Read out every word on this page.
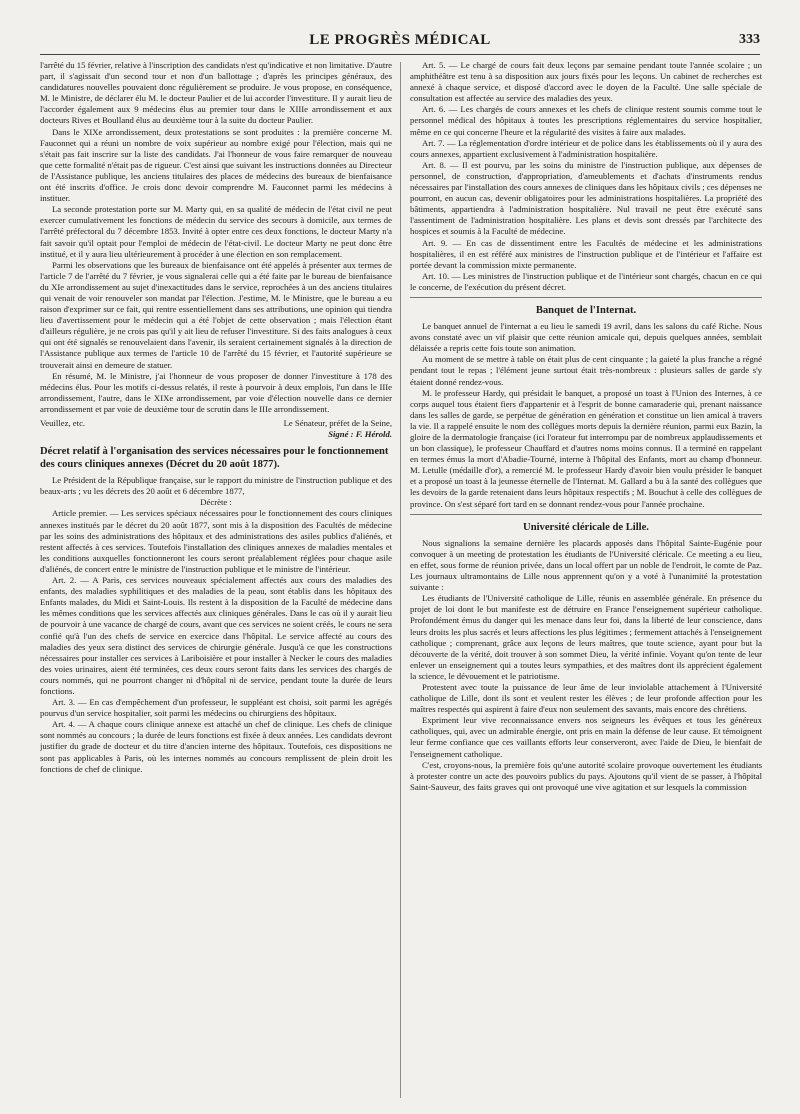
LE PROGRÈS MÉDICAL	333

l'arrêté du 15 février, relative à l'inscription des candidats n'est qu'indicative et non limitative. D'autre part, il s'agissait d'un second tour et non d'un ballottage ; d'après les principes généraux, des candidatures nouvelles pouvaient donc régulièrement se produire. Je vous propose, en conséquence, M. le Ministre, de déclarer élu M. le docteur Paulier et de lui accorder l'investiture. Il y aurait lieu de l'accorder également aux 9 médecins élus au premier tour dans le XIIIe arrondissement et aux docteurs Rives et Boulland élus au deuxième tour à la suite du docteur Paulier.

Dans le XIXe arrondissement, deux protestations se sont produites : la première concerne M. Fauconnet qui a réuni un nombre de voix supérieur au nombre exigé pour l'élection, mais qui ne s'était pas fait inscrire sur la liste des candidats. J'ai l'honneur de vous faire remarquer de nouveau que cette formalité n'était pas de rigueur. C'est ainsi que suivant les instructions données au Directeur de l'Assistance publique, les anciens titulaires des places de médecins des bureaux de bienfaisance ont été inscrits d'office. Je crois donc devoir comprendre M. Fauconnet parmi les médecins à instituer.

La seconde protestation porte sur M. Marty qui, en sa qualité de médecin de l'état civil ne peut exercer cumulativement les fonctions de médecin du service des secours à domicile, aux termes de l'arrêté préfectoral du 7 décembre 1853. Invité à opter entre ces deux fonctions, le docteur Marty n'a fait savoir qu'il optait pour l'emploi de médecin de l'état-civil. Le docteur Marty ne peut donc être institué, et il y aura lieu ultérieurement à procéder à une élection en son remplacement.

Parmi les observations que les bureaux de bienfaisance ont été appelés à présenter aux termes de l'article 7 de l'arrêté du 7 février, je vous signalerai celle qui a été faite par le bureau de bienfaisance du XIe arrondissement au sujet d'inexactitudes dans le service, reprochées à un des anciens titulaires qui venait de voir renouveler son mandat par l'élection. J'estime, M. le Ministre, que le bureau a eu raison d'exprimer sur ce fait, qui rentre essentiellement dans ses attributions, une opinion qui tiendra lieu d'avertissement pour le médecin qui a été l'objet de cette observation ; mais l'élection étant d'ailleurs régulière, je ne crois pas qu'il y ait lieu de refuser l'investiture. Si des faits analogues à ceux qui ont été signalés se renouvelaient dans l'avenir, ils seraient certainement signalés à la direction de l'Assistance publique aux termes de l'article 10 de l'arrêté du 15 février, et l'autorité supérieure se trouverait ainsi en demeure de statuer.

En résumé, M. le Ministre, j'ai l'honneur de vous proposer de donner l'investiture à 178 des médecins élus. Pour les motifs ci-dessus relatés, il reste à pourvoir à deux emplois, l'un dans le IIIe arrondissement, l'autre, dans le XIXe arrondissement, par voie d'élection nouvelle dans ce dernier arrondissement et par voie de deuxième tour de scrutin dans le IIIe arrondissement.

Veuillez, etc.	Le Sénateur, préfet de la Seine,
Signé : F. Hérold.
Décret relatif à l'organisation des services nécessaires pour le fonctionnement des cours cliniques annexes (Décret du 20 août 1877).

Le Président de la République française, sur le rapport du ministre de l'instruction publique et des beaux-arts ; vu les décrets des 20 août et 6 décembre 1877,

Décrète :

Article premier. — Les services spéciaux nécessaires pour le fonctionnement des cours cliniques annexes institués par le décret du 20 août 1877, sont mis à la disposition des Facultés de médecine par les soins des administrations des hôpitaux et des administrations des asiles publics d'aliénés, et restent affectés à ces services. Toutefois l'installation des cliniques annexes de maladies mentales et les conditions auxquelles fonctionneront les cours seront préalablement réglées pour chaque asile d'aliénés, de concert entre le ministre de l'instruction publique et le ministre de l'intérieur.

Art. 2. — A Paris, ces services nouveaux spécialement affectés aux cours des maladies des enfants, des maladies syphilitiques et des maladies de la peau, sont établis dans les hôpitaux des Enfants malades, du Midi et Saint-Louis. Ils restent à la disposition de la Faculté de médecine dans les mêmes conditions que les services affectés aux cliniques générales. Dans le cas où il y aurait lieu de pourvoir à une vacance de chargé de cours, avant que ces services ne soient créés, le cours ne sera confié qu'à l'un des chefs de service en exercice dans l'hôpital. Le service affecté au cours des maladies des yeux sera distinct des services de chirurgie générale. Jusqu'à ce que les constructions nécessaires pour installer ces services à Lariboisière et pour installer à Necker le cours des maladies des voies urinaires, aient été terminées, ces deux cours seront faits dans les services des chargés de cours nommés, qui ne pourront changer ni d'hôpital ni de service, pendant toute la durée de leurs fonctions.

Art. 3. — En cas d'empêchement d'un professeur, le suppléant est choisi, soit parmi les agrégés pourvus d'un service hospitalier, soit parmi les médecins ou chirurgiens des hôpitaux.

Art. 4. — A chaque cours clinique annexe est attaché un chef de clinique. Les chefs de clinique sont nommés au concours ; la durée de leurs fonctions est fixée à deux années. Les candidats devront justifier du grade de docteur et du titre d'ancien interne des hôpitaux. Toutefois, ces dispositions ne sont pas applicables à Paris, où les internes nommés au concours remplissent de plein droit les fonctions de chef de clinique.

Art. 5. — Le chargé de cours fait deux leçons par semaine pendant toute l'année scolaire ; un amphithéâtre est tenu à sa disposition aux jours fixés pour les leçons. Un cabinet de recherches est annexé à chaque service, et disposé d'accord avec le doyen de la Faculté. Une salle spéciale de consultation est affectée au service des maladies des yeux.

Art. 6. — Les chargés de cours annexes et les chefs de clinique restent soumis comme tout le personnel médical des hôpitaux à toutes les prescriptions réglementaires du service hospitalier, même en ce qui concerne l'heure et la régularité des visites à faire aux malades.

Art. 7. — La réglementation d'ordre intérieur et de police dans les établissements où il y aura des cours annexes, appartient exclusivement à l'administration hospitalière.

Art. 8. — Il est pourvu, par les soins du ministre de l'instruction publique, aux dépenses de personnel, de construction, d'appropriation, d'ameublements et d'achats d'instruments rendus nécessaires par l'installation des cours annexes de cliniques dans les hôpitaux civils ; ces dépenses ne pourront, en aucun cas, devenir obligatoires pour les administrations hospitalières. La propriété des bâtiments, appartiendra à l'administration hospitalière. Nul travail ne peut être exécuté sans l'assentiment de l'administration hospitalière. Les plans et devis sont dressés par l'architecte des hospices et soumis à la Faculté de médecine.

Art. 9. — En cas de dissentiment entre les Facultés de médecine et les administrations hospitalières, il en est référé aux ministres de l'instruction publique et de l'intérieur et l'affaire est portée devant la commission mixte permanente.

Art. 10. — Les ministres de l'instruction publique et de l'intérieur sont chargés, chacun en ce qui le concerne, de l'exécution du présent décret.

Banquet de l'Internat.

Le banquet annuel de l'internat a eu lieu le samedi 19 avril, dans les salons du café Riche. Nous avons constaté avec un vif plaisir que cette réunion amicale qui, depuis quelques années, semblait délaissée a repris cette fois toute son animation.

Au moment de se mettre à table on était plus de cent cinquante ; la gaieté la plus franche a régné pendant tout le repas ; l'élément jeune surtout était très-nombreux : plusieurs salles de garde s'y étaient donné rendez-vous.

M. le professeur Hardy, qui présidait le banquet, a proposé un toast à l'Union des Internes, à ce corps auquel tous étaient fiers d'appartenir et à l'esprit de bonne camaraderie qui, prenant naissance dans les salles de garde, se perpétue de génération en génération et constitue un lien amical à travers la vie. Il a rappelé ensuite le nom des collègues morts depuis la dernière réunion, parmi eux Bazin, la gloire de la dermatologie française (ici l'orateur fut interrompu par de nombreux applaudissements et un bon classique), le professeur Chauffard et d'autres noms moins connus. Il a terminé en rappelant en termes émus la mort d'Abadie-Tourné, interne à l'hôpital des Enfants, mort au champ d'honneur. M. Letulle (médaille d'or), a remercié M. le professeur Hardy d'avoir bien voulu présider le banquet et a proposé un toast à la jeunesse éternelle de l'Internat. M. Gallard a bu à la santé des collègues que les devoirs de la garde retenaient dans leurs hôpitaux respectifs ; M. Bouchut à celle des collègues de province. On s'est séparé fort tard en se donnant rendez-vous pour l'année prochaine.

Université cléricale de Lille.

Nous signalions la semaine dernière les placards apposés dans l'hôpital Sainte-Eugénie pour convoquer à un meeting de protestation les étudiants de l'Université cléricale. Ce meeting a eu lieu, en effet, sous forme de réunion privée, dans un local offert par un noble de l'endroit, le comte de Paz. Les journaux ultramontains de Lille nous apprennent qu'on y a voté à l'unanimité la protestation suivante :

Les étudiants de l'Université catholique de Lille, réunis en assemblée générale. En présence du projet de loi dont le but manifeste est de détruire en France l'enseignement supérieur catholique. Profondément émus du danger qui les menace dans leur foi, dans la liberté de leur conscience, dans leurs droits les plus sacrés et leurs affections les plus légitimes ; fermement attachés à l'enseignement catholique ; comprenant, grâce aux leçons de leurs maîtres, que toute science, ayant pour but la découverte de la vérité, doit trouver à son sommet Dieu, la vérité infinie. Voyant qu'on tente de leur enlever un enseignement qui a toutes leurs sympathies, et des maîtres dont ils apprécient également la science, le dévouement et le patriotisme.

Protestent avec toute la puissance de leur âme de leur inviolable attachement à l'Université catholique de Lille, dont ils sont et veulent rester les élèves ; de leur profonde affection pour les maîtres respectés qui aspirent à faire d'eux non seulement des savants, mais encore des chrétiens.

Expriment leur vive reconnaissance envers nos seigneurs les évêques et tous les généreux catholiques, qui, avec un admirable énergie, ont pris en main la défense de leur cause. Et témoignent leur ferme confiance que ces vaillants efforts leur conserveront, avec l'aide de Dieu, le bienfait de l'enseignement catholique.

C'est, croyons-nous, la première fois qu'une autorité scolaire provoque ouvertement les étudiants à protester contre un acte des pouvoirs publics du pays. Ajoutons qu'il vient de se passer, à l'hôpital Saint-Sauveur, des faits graves qui ont provoqué une vive agitation et sur lesquels la commission
